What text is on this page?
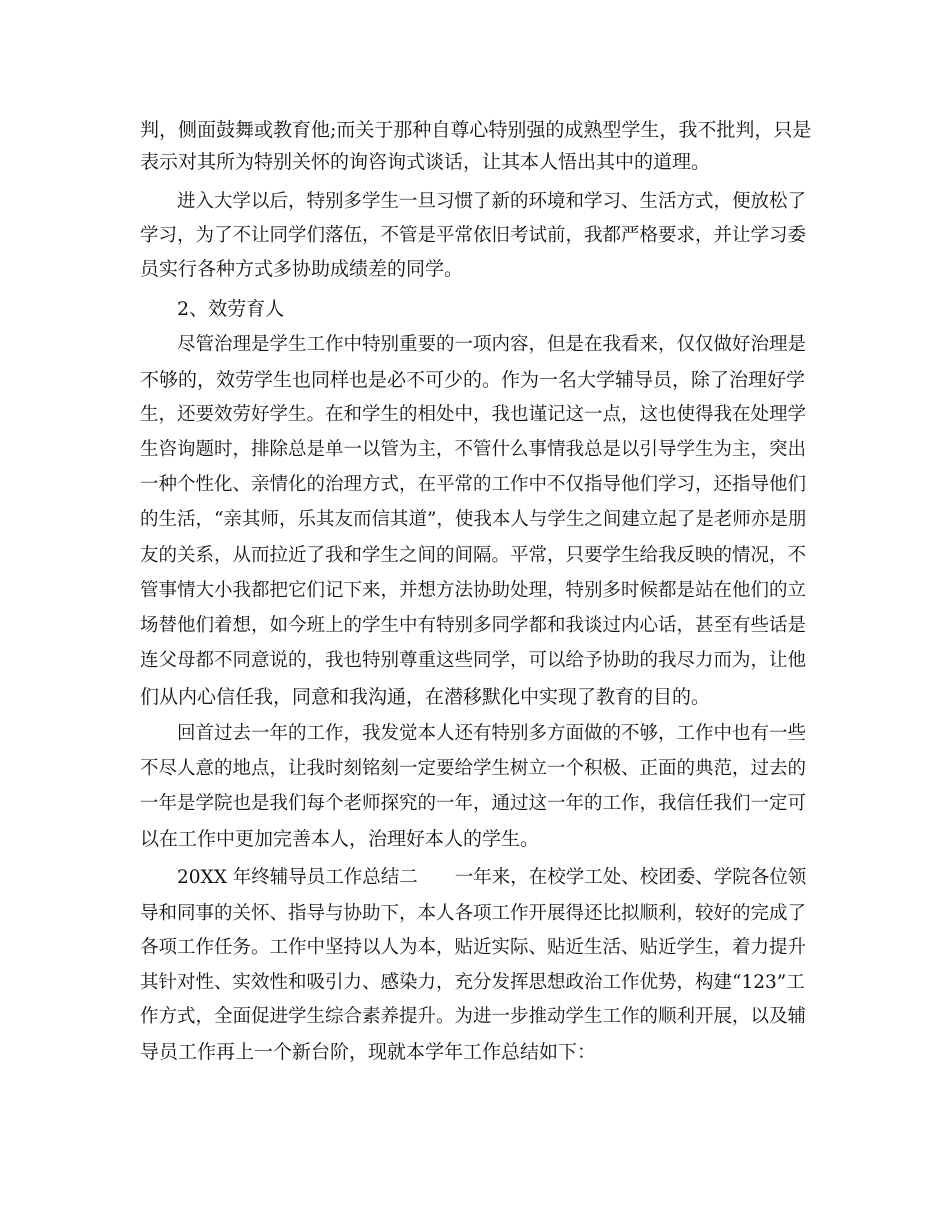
判，侧面鼓舞或教育他;而关于那种自尊心特别强的成熟型学生，我不批判，只是
表示对其所为特别关怀的询咨询式谈话，让其本人悟出其中的道理。
进入大学以后，特别多学生一旦习惯了新的环境和学习、生活方式，便放松了
学习，为了不让同学们落伍，不管是平常依旧考试前，我都严格要求，并让学习委
员实行各种方式多协助成绩差的同学。
2、效劳育人
尽管治理是学生工作中特别重要的一项内容，但是在我看来，仅仅做好治理是
不够的，效劳学生也同样也是必不可少的。作为一名大学辅导员，除了治理好学
生，还要效劳好学生。在和学生的相处中，我也谨记这一点，这也使得我在处理学
生咨询题时，排除总是单一以管为主，不管什么事情我总是以引导学生为主，突出
一种个性化、亲情化的治理方式，在平常的工作中不仅指导他们学习，还指导他们
的生活，“亲其师，乐其友而信其道”，使我本人与学生之间建立起了是老师亦是朋
友的关系，从而拉近了我和学生之间的间隔。平常，只要学生给我反映的情况，不
管事情大小我都把它们记下来，并想方法协助处理，特别多时候都是站在他们的立
场替他们着想，如今班上的学生中有特别多同学都和我谈过内心话，甚至有些话是
连父母都不同意说的，我也特别尊重这些同学，可以给予协助的我尽力而为，让他
们从内心信任我，同意和我沟通，在潜移默化中实现了教育的目的。
回首过去一年的工作，我发觉本人还有特别多方面做的不够，工作中也有一些
不尽人意的地点，让我时刻铭刻一定要给学生树立一个积极、正面的典范，过去的
一年是学院也是我们每个老师探究的一年，通过这一年的工作，我信任我们一定可
以在工作中更加完善本人，治理好本人的学生。
20XX 年终辅导员工作总结二　　一年来，在校学工处、校团委、学院各位领
导和同事的关怀、指导与协助下，本人各项工作开展得还比拟顺利，较好的完成了
各项工作任务。工作中坚持以人为本，贴近实际、贴近生活、贴近学生，着力提升
其针对性、实效性和吸引力、感染力，充分发挥思想政治工作优势，构建“123”工
作方式，全面促进学生综合素养提升。为进一步推动学生工作的顺利开展，以及辅
导员工作再上一个新台阶，现就本学年工作总结如下：
